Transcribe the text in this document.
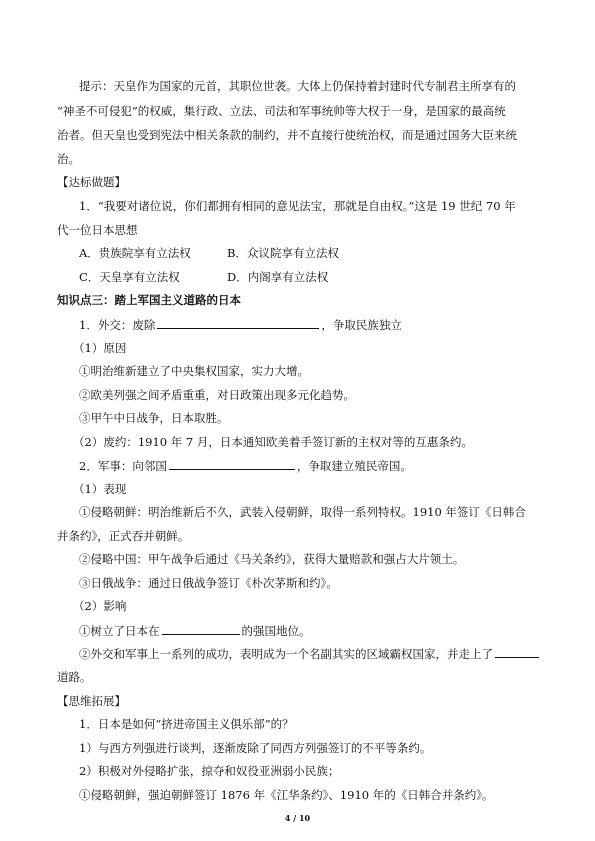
提示：天皇作为国家的元首，其职位世袭。大体上仍保持着封建时代专制君主所享有的
“神圣不可侵犯”的权威，集行政、立法、司法和军事统帅等大权于一身，是国家的最高统
治者。但天皇也受到宪法中相关条款的制约，并不直接行使统治权，而是通过国务大臣来统
治。
【达标做题】
1．“我要对诸位说，你们都拥有相同的意见法宝，那就是自由权。”这是 19 世纪 70 年
代一位日本思想
A．贵族院享有立法权	B．众议院享有立法权
C．天皇享有立法权	D．内阁享有立法权
知识点三：踏上军国主义道路的日本
1．外交：废除	，争取民族独立
（1）原因
①明治维新建立了中央集权国家，实力大增。
②欧美列强之间矛盾重重，对日政策出现多元化趋势。
③甲午中日战争，日本取胜。
（2）废约：1910 年 7 月，日本通知欧美着手签订新的主权对等的互惠条约。
2．军事：向邻国	，争取建立殖民帝国。
（1）表现
①侵略朝鲜：明治维新后不久，武装入侵朝鲜，取得一系列特权。1910 年签订《日韩合
并条约》，正式吞并朝鲜。
②侵略中国：甲午战争后通过《马关条约》，获得大量赔款和强占大片领土。
③日俄战争：通过日俄战争签订《朴次茅斯和约》。
（2）影响
①树立了日本在	的强国地位。
②外交和军事上一系列的成功，表明成为一个名副其实的区域霸权国家，并走上了
道路。
【思维拓展】
1．日本是如何“挤进帝国主义俱乐部”的？
1）与西方列强进行谈判，逐渐废除了同西方列强签订的不平等条约。
2）积极对外侵略扩张，掠夺和奴役亚洲弱小民族；
①侵略朝鲜，强迫朝鲜签订 1876 年《江华条约》、1910 年的《日韩合并条约》。
4 / 10
